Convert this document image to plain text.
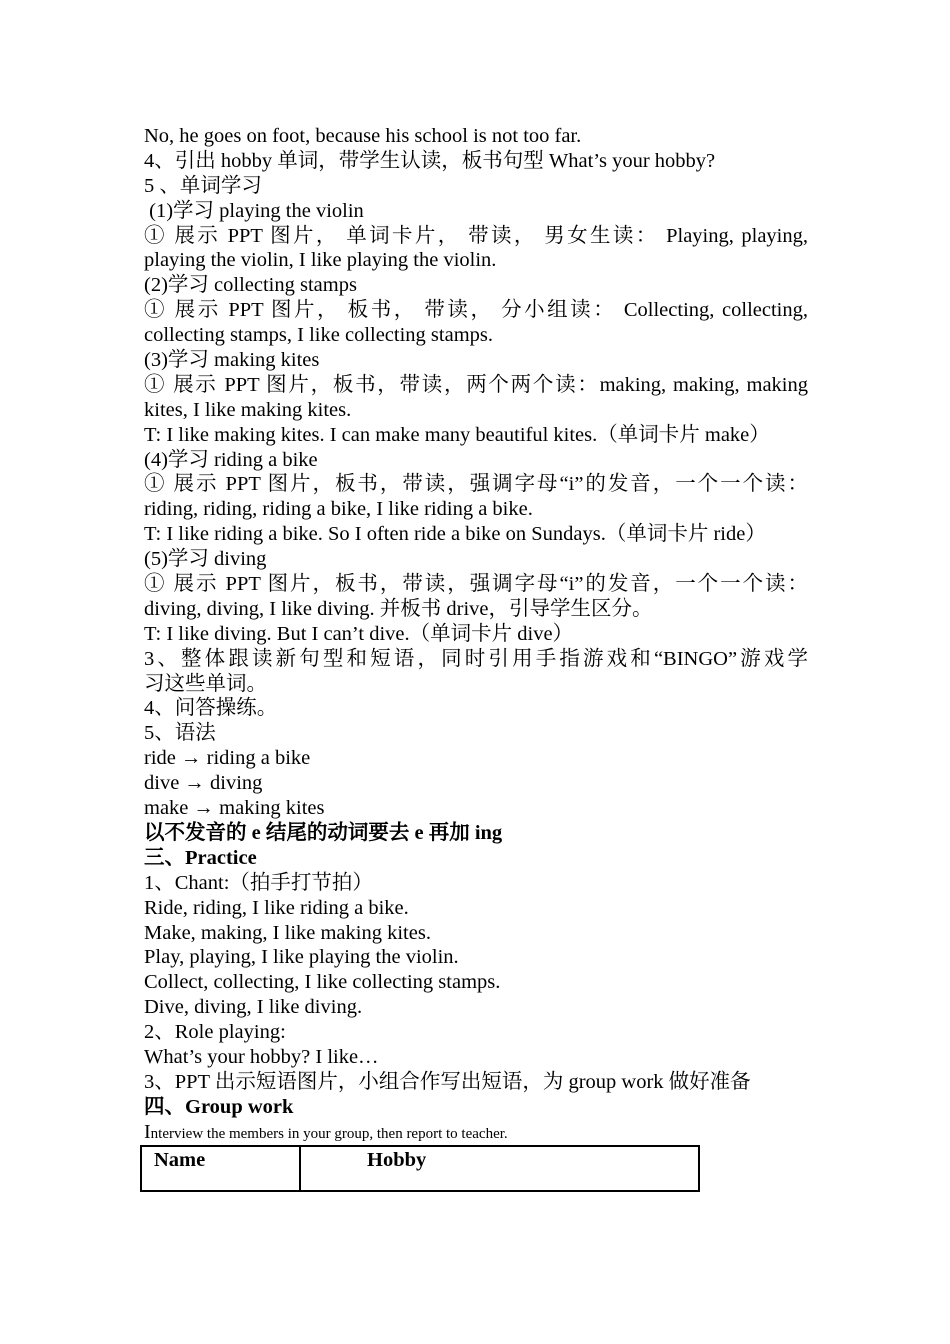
No, he goes on foot, because his school is not too far.
4、引出 hobby 单词，带学生认读，板书句型 What’s your hobby?
5 、单词学习
(1)学习 playing the violin
① 展示 PPT 图片， 单词卡片， 带读， 男女生读： Playing, playing,
playing the violin, I like playing the violin.
(2)学习 collecting stamps
① 展示 PPT 图片， 板书， 带读， 分小组读： Collecting, collecting,
collecting stamps, I like collecting stamps.
(3)学习 making kites
① 展示 PPT 图片，板书，带读，两个两个读：making, making, making
kites, I like making kites.
T: I like making kites. I can make many beautiful kites.（单词卡片 make）
(4)学习 riding a bike
① 展示 PPT 图片，板书，带读，强调字母“i”的发音，一个一个读：
riding, riding, riding a bike, I like riding a bike.
T: I like riding a bike. So I often ride a bike on Sundays.（单词卡片 ride）
(5)学习 diving
① 展示 PPT 图片，板书，带读，强调字母“i”的发音，一个一个读：
diving, diving, I like diving. 并板书 drive，引导学生区分。
T: I like diving. But I can’t dive.（单词卡片 dive）
3、整体跟读新句型和短语，同时引用手指游戏和“BINGO”游戏学
习这些单词。
4、问答操练。
5、语法
ride → riding a bike
dive → diving
make → making kites
以不发音的 e 结尾的动词要去 e 再加 ing
三、Practice
1、Chant:（拍手打节拍）
Ride, riding, I like riding a bike.
Make, making, I like making kites.
Play, playing, I like playing the violin.
Collect, collecting, I like collecting stamps.
Dive, diving, I like diving.
2、Role playing:
What’s your hobby? I like…
3、PPT 出示短语图片，小组合作写出短语，为 group work 做好准备
四、Group work
Interview the members in your group, then report to teacher.
Name	Hobby
